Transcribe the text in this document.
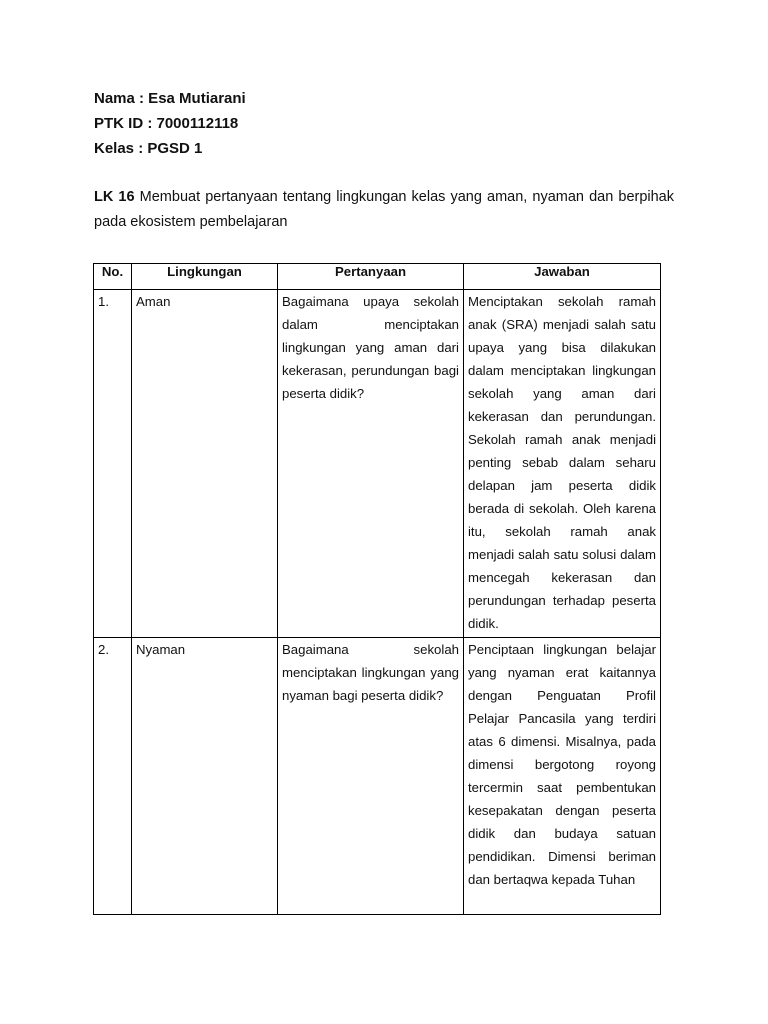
Nama : Esa Mutiarani
PTK ID : 7000112118
Kelas : PGSD 1
LK 16 Membuat pertanyaan tentang lingkungan kelas yang aman, nyaman dan berpihak pada ekosistem pembelajaran
No.	Lingkungan	Pertanyaan	Jawaban
1.	Aman	Bagaimana upaya sekolah dalam menciptakan lingkungan yang aman dari kekerasan, perundungan bagi peserta didik?	Menciptakan sekolah ramah anak (SRA) menjadi salah satu upaya yang bisa dilakukan dalam menciptakan lingkungan sekolah yang aman dari kekerasan dan perundungan. Sekolah ramah anak menjadi penting sebab dalam seharu delapan jam peserta didik berada di sekolah. Oleh karena itu, sekolah ramah anak menjadi salah satu solusi dalam mencegah kekerasan dan perundungan terhadap peserta didik.
2.	Nyaman	Bagaimana sekolah menciptakan lingkungan yang nyaman bagi peserta didik?	Penciptaan lingkungan belajar yang nyaman erat kaitannya dengan Penguatan Profil Pelajar Pancasila yang terdiri atas 6 dimensi. Misalnya, pada dimensi bergotong royong tercermin saat pembentukan kesepakatan dengan peserta didik dan budaya satuan pendidikan. Dimensi beriman dan bertaqwa kepada Tuhan
